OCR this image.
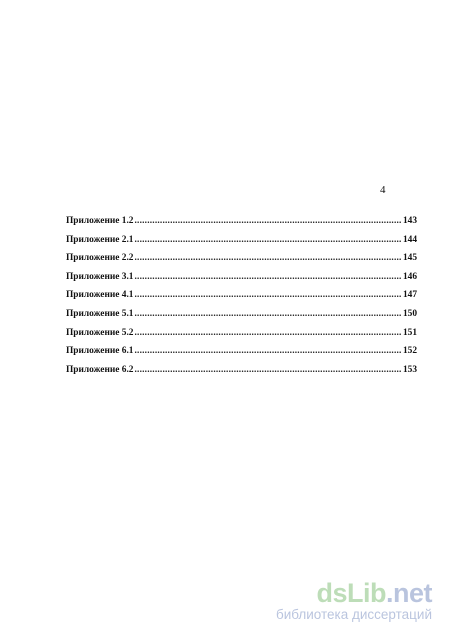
4
Приложение 1.2 .....	143
Приложение 2.1 .....	144
Приложение 2.2 .....	145
Приложение 3.1 .....	146
Приложение 4.1 .....	147
Приложение 5.1 .....	150
Приложение 5.2 .....	151
Приложение 6.1 .....	152
Приложение 6.2 .....	153
dsLib.net
библиотека диссертаций
